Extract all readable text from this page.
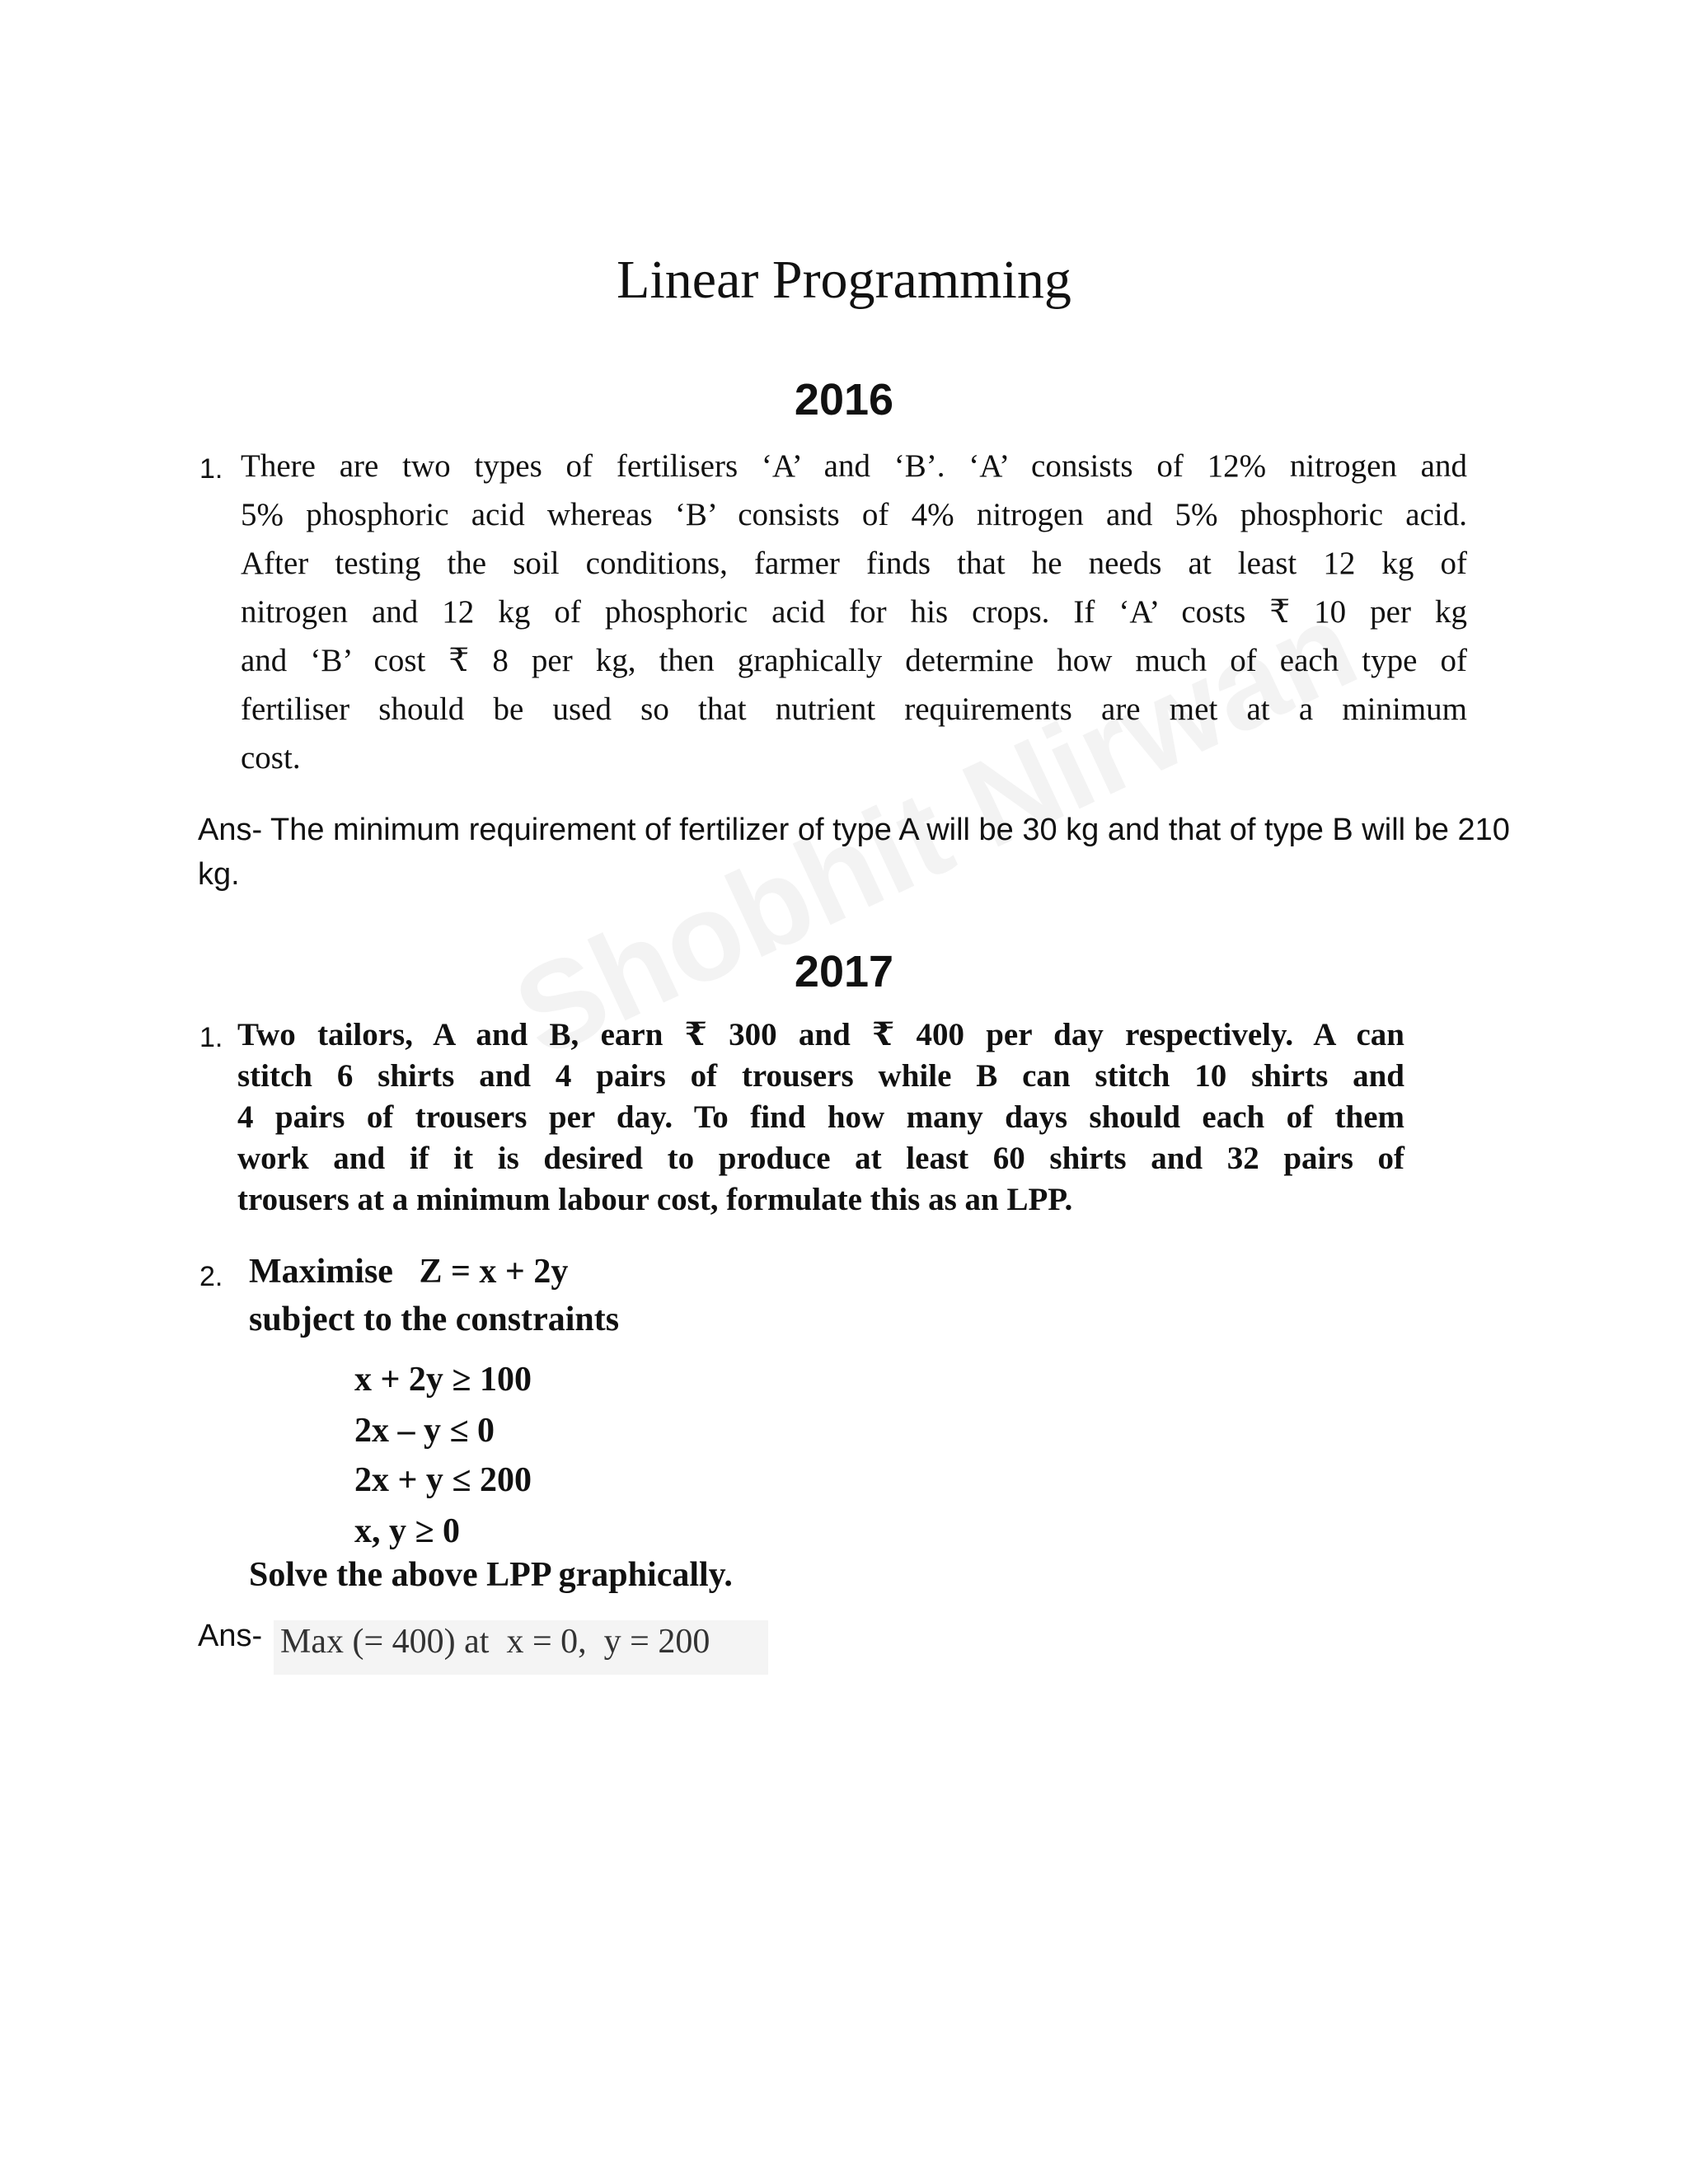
Linear Programming
2016
1. There are two types of fertilisers ‘A’ and ‘B’. ‘A’ consists of 12% nitrogen and
5% phosphoric acid whereas ‘B’ consists of 4% nitrogen and 5% phosphoric acid.
After testing the soil conditions, farmer finds that he needs at least 12 kg of
nitrogen and 12 kg of phosphoric acid for his crops. If ‘A’ costs ₹ 10 per kg
and ‘B’ cost ₹ 8 per kg, then graphically determine how much of each type of
fertiliser should be used so that nutrient requirements are met at a minimum
cost.
Ans- The minimum requirement of fertilizer of type A will be 30 kg and that of type B will be 210 kg.
2017
1. Two tailors, A and B, earn ₹ 300 and ₹ 400 per day respectively. A can
stitch 6 shirts and 4 pairs of trousers while B can stitch 10 shirts and
4 pairs of trousers per day. To find how many days should each of them
work and if it is desired to produce at least 60 shirts and 32 pairs of
trousers at a minimum labour cost, formulate this as an LPP.
2. Maximise   Z = x + 2y
subject to the constraints
x + 2y ≥ 100
2x – y ≤ 0
2x + y ≤ 200
x, y ≥ 0
Solve the above LPP graphically.
Ans- Max (= 400) at  x = 0,  y = 200
